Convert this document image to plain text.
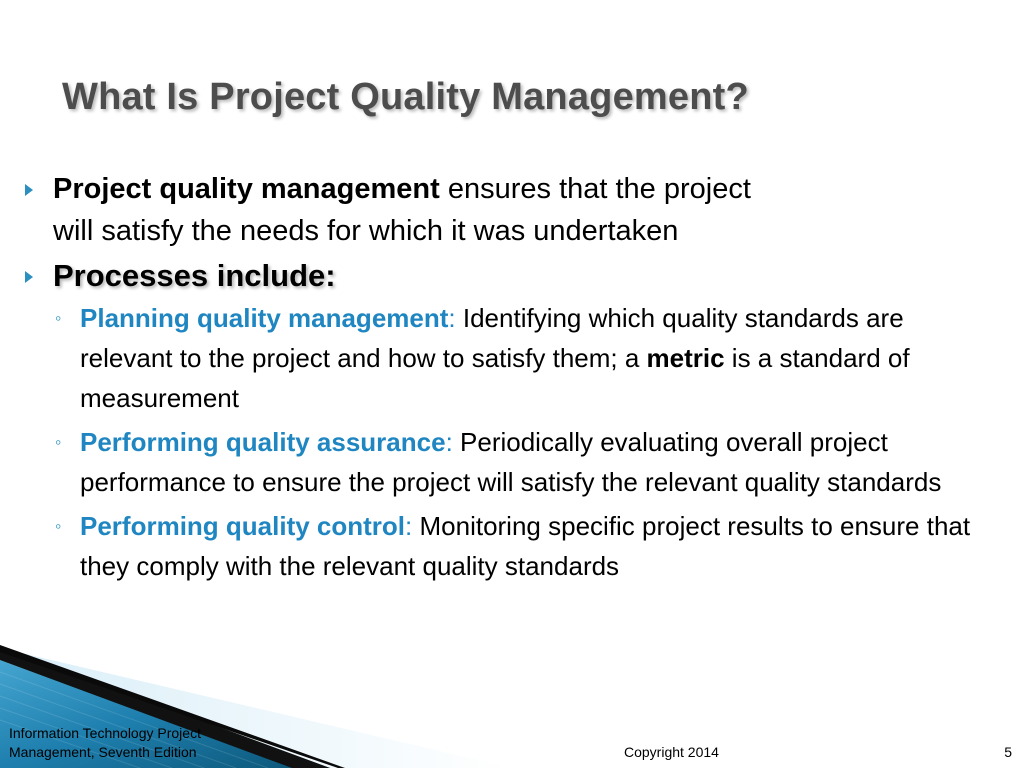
What Is Project Quality Management?
Project quality management ensures that the project
will satisfy the needs for which it was undertaken
Processes include:
◦ Planning quality management: Identifying which quality standards are relevant to the project and how to satisfy them; a metric is a standard of measurement
◦ Performing quality assurance: Periodically evaluating overall project performance to ensure the project will satisfy the relevant quality standards
◦ Performing quality control: Monitoring specific project results to ensure that they comply with the relevant quality standards
Information Technology Project
Management, Seventh Edition	Copyright 2014	5
